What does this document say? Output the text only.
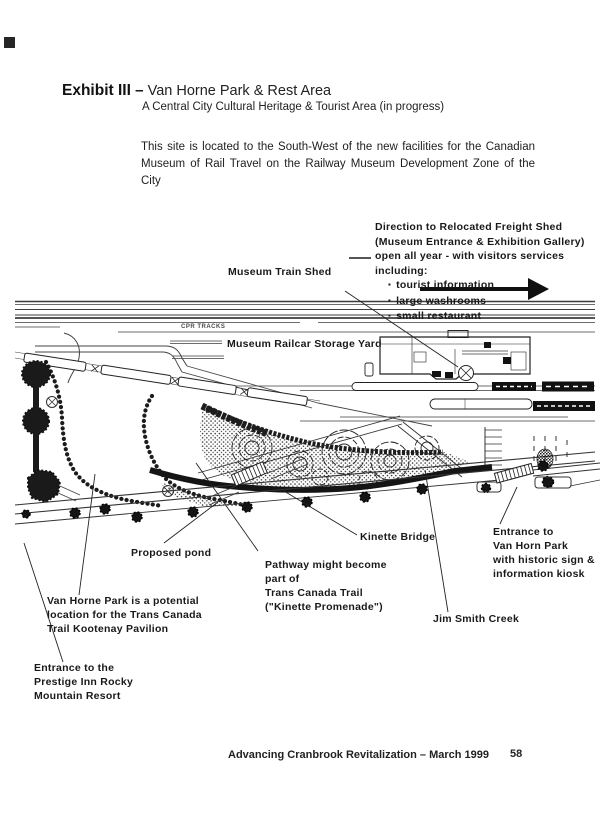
Exhibit III – Van Horne Park & Rest Area
A Central City Cultural Heritage & Tourist Area (in progress)
This site is located to the South-West of the new facilities for the Canadian Museum of Rail Travel on the Railway Museum Development Zone of the City
Direction to Relocated Freight Shed
(Museum Entrance & Exhibition Gallery)
open all year - with visitors services including:
▪ tourist information
▪ large washrooms
▪ small restaurant
Museum Train Shed
CPR TRACKS
Museum Railcar Storage Yard
Proposed pond
Pathway might become
part of
Trans Canada Trail
("Kinette Promenade")
Kinette Bridge	Entrance to
Van Horn Park
with historic sign &
information kiosk
Jim Smith Creek
Van Horne Park is a potential
location for the Trans Canada
Trail Kootenay Pavilion
Entrance to the
Prestige Inn Rocky
Mountain Resort
Advancing Cranbrook Revitalization – March 1999 58
